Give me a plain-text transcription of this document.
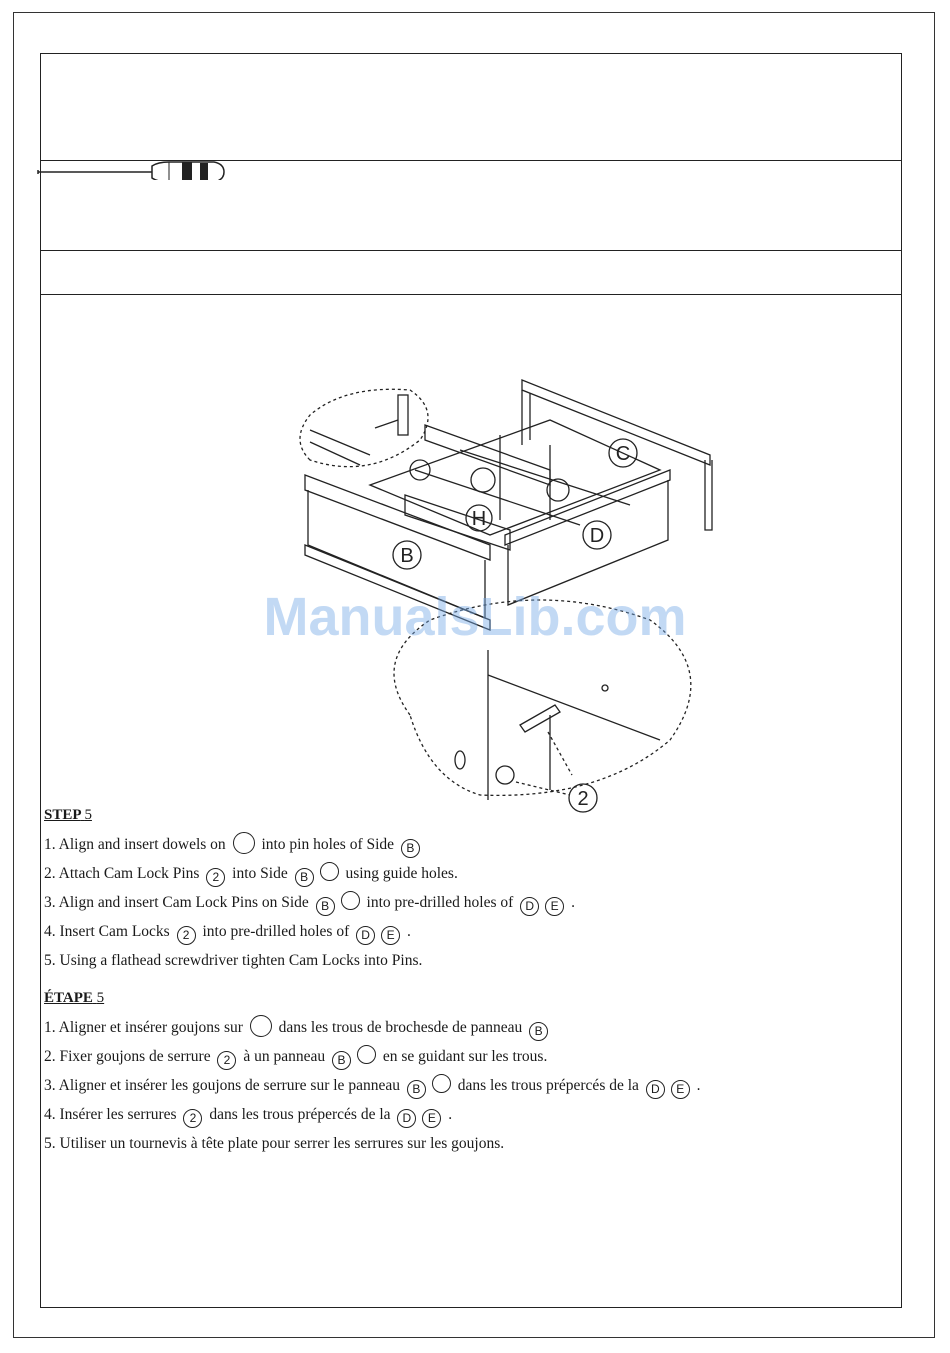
C
B
D
H
2
ManualsLib.com
STEP 5
1. Align and insert dowels on into pin holes of Side B
2. Attach Cam Lock Pins 2 into Side B using guide holes.
3. Align and insert Cam Lock Pins on Side B into pre-drilled holes of D E .
4. Insert Cam Locks 2 into pre-drilled holes of D E .
5. Using a flathead screwdriver tighten Cam Locks into Pins.
ÉTAPE 5
1. Aligner et insérer goujons sur dans les trous de brochesde de panneau B
2. Fixer goujons de serrure 2 à un panneau B en se guidant sur les trous.
3. Aligner et insérer les goujons de serrure sur le panneau B dans les trous prépercés de la D E .
4. Insérer les serrures 2 dans les trous prépercés de la D E .
5. Utiliser un tournevis à tête plate pour serrer les serrures sur les goujons.
